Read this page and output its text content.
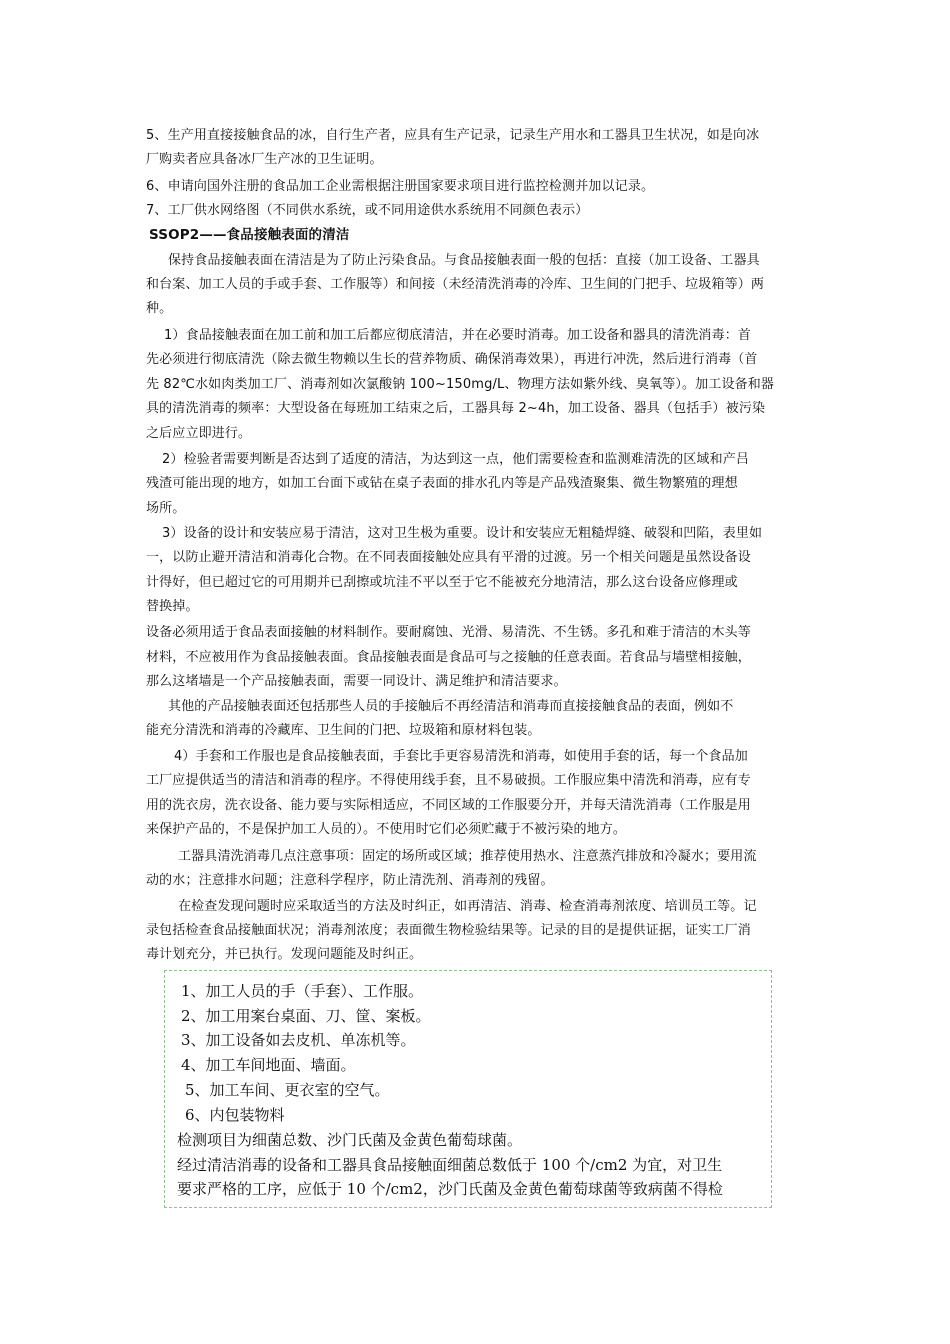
5、生产用直接接触食品的冰，自行生产者，应具有生产记录，记录生产用水和工器具卫生状况，如是向冰
厂购卖者应具备冰厂生产冰的卫生证明。
6、申请向国外注册的食品加工企业需根据注册国家要求项目进行监控检测并加以记录。
7、工厂供水网络图（不同供水系统，或不同用途供水系统用不同颜色表示）
SSOP2——食品接触表面的清洁
保持食品接触表面在清洁是为了防止污染食品。与食品接触表面一般的包括：直接（加工设备、工器具
和台案、加工人员的手或手套、工作服等）和间接（未经清洗消毒的冷库、卫生间的门把手、垃圾箱等）两
种。
1）食品接触表面在加工前和加工后都应彻底清洁，并在必要时消毒。加工设备和器具的清洗消毒：首
先必须进行彻底清洗（除去微生物赖以生长的营养物质、确保消毒效果），再进行冲洗，然后进行消毒（首
先 82℃水如肉类加工厂、消毒剂如次氯酸钠 100~150mg/L、物理方法如紫外线、臭氧等）。加工设备和器
具的清洗消毒的频率：大型设备在每班加工结束之后，工器具每 2~4h，加工设备、器具（包括手）被污染
之后应立即进行。
2）检验者需要判断是否达到了适度的清洁，为达到这一点，他们需要检查和监测难清洗的区域和产吕
残渣可能出现的地方，如加工台面下或钻在桌子表面的排水孔内等是产品残渣聚集、微生物繁殖的理想
场所。
3）设备的设计和安装应易于清洁，这对卫生极为重要。设计和安装应无粗糙焊缝、破裂和凹陷，表里如
一，以防止避开清洁和消毒化合物。在不同表面接触处应具有平滑的过渡。另一个相关问题是虽然设备设
计得好，但已超过它的可用期并已刮擦或坑洼不平以至于它不能被充分地清洁，那么这台设备应修理或
替换掉。
设备必须用适于食品表面接触的材料制作。要耐腐蚀、光滑、易清洗、不生锈。多孔和难于清洁的木头等
材料，不应被用作为食品接触表面。食品接触表面是食品可与之接触的任意表面。若食品与墙壁相接触，
那么这堵墙是一个产品接触表面，需要一同设计、满足维护和清洁要求。
其他的产品接触表面还包括那些人员的手接触后不再经清洁和消毒而直接接触食品的表面，例如不
能充分清洗和消毒的冷藏库、卫生间的门把、垃圾箱和原材料包装。
4）手套和工作服也是食品接触表面，手套比手更容易清洗和消毒，如使用手套的话，每一个食品加
工厂应提供适当的清洁和消毒的程序。不得使用线手套，且不易破损。工作服应集中清洗和消毒，应有专
用的洗衣房，洗衣设备、能力要与实际相适应，不同区域的工作服要分开，并每天清洗消毒（工作服是用
来保护产品的，不是保护加工人员的）。不使用时它们必须贮藏于不被污染的地方。
工器具清洗消毒几点注意事项：固定的场所或区域；推荐使用热水、注意蒸汽排放和冷凝水；要用流
动的水；注意排水问题；注意科学程序，防止清洗剂、消毒剂的残留。
在检查发现问题时应采取适当的方法及时纠正，如再清洁、消毒、检查消毒剂浓度、培训员工等。记
录包括检查食品接触面状况；消毒剂浓度；表面微生物检验结果等。记录的目的是提供证据，证实工厂消
毒计划充分，并已执行。发现问题能及时纠正。
1、加工人员的手（手套）、工作服。
2、加工用案台桌面、刀、筐、案板。
3、加工设备如去皮机、单冻机等。
4、加工车间地面、墙面。
5、加工车间、更衣室的空气。
6、内包装物料
检测项目为细菌总数、沙门氏菌及金黄色葡萄球菌。
经过清洁消毒的设备和工器具食品接触面细菌总数低于 100 个/cm2 为宜，对卫生
要求严格的工序，应低于 10 个/cm2，沙门氏菌及金黄色葡萄球菌等致病菌不得检
